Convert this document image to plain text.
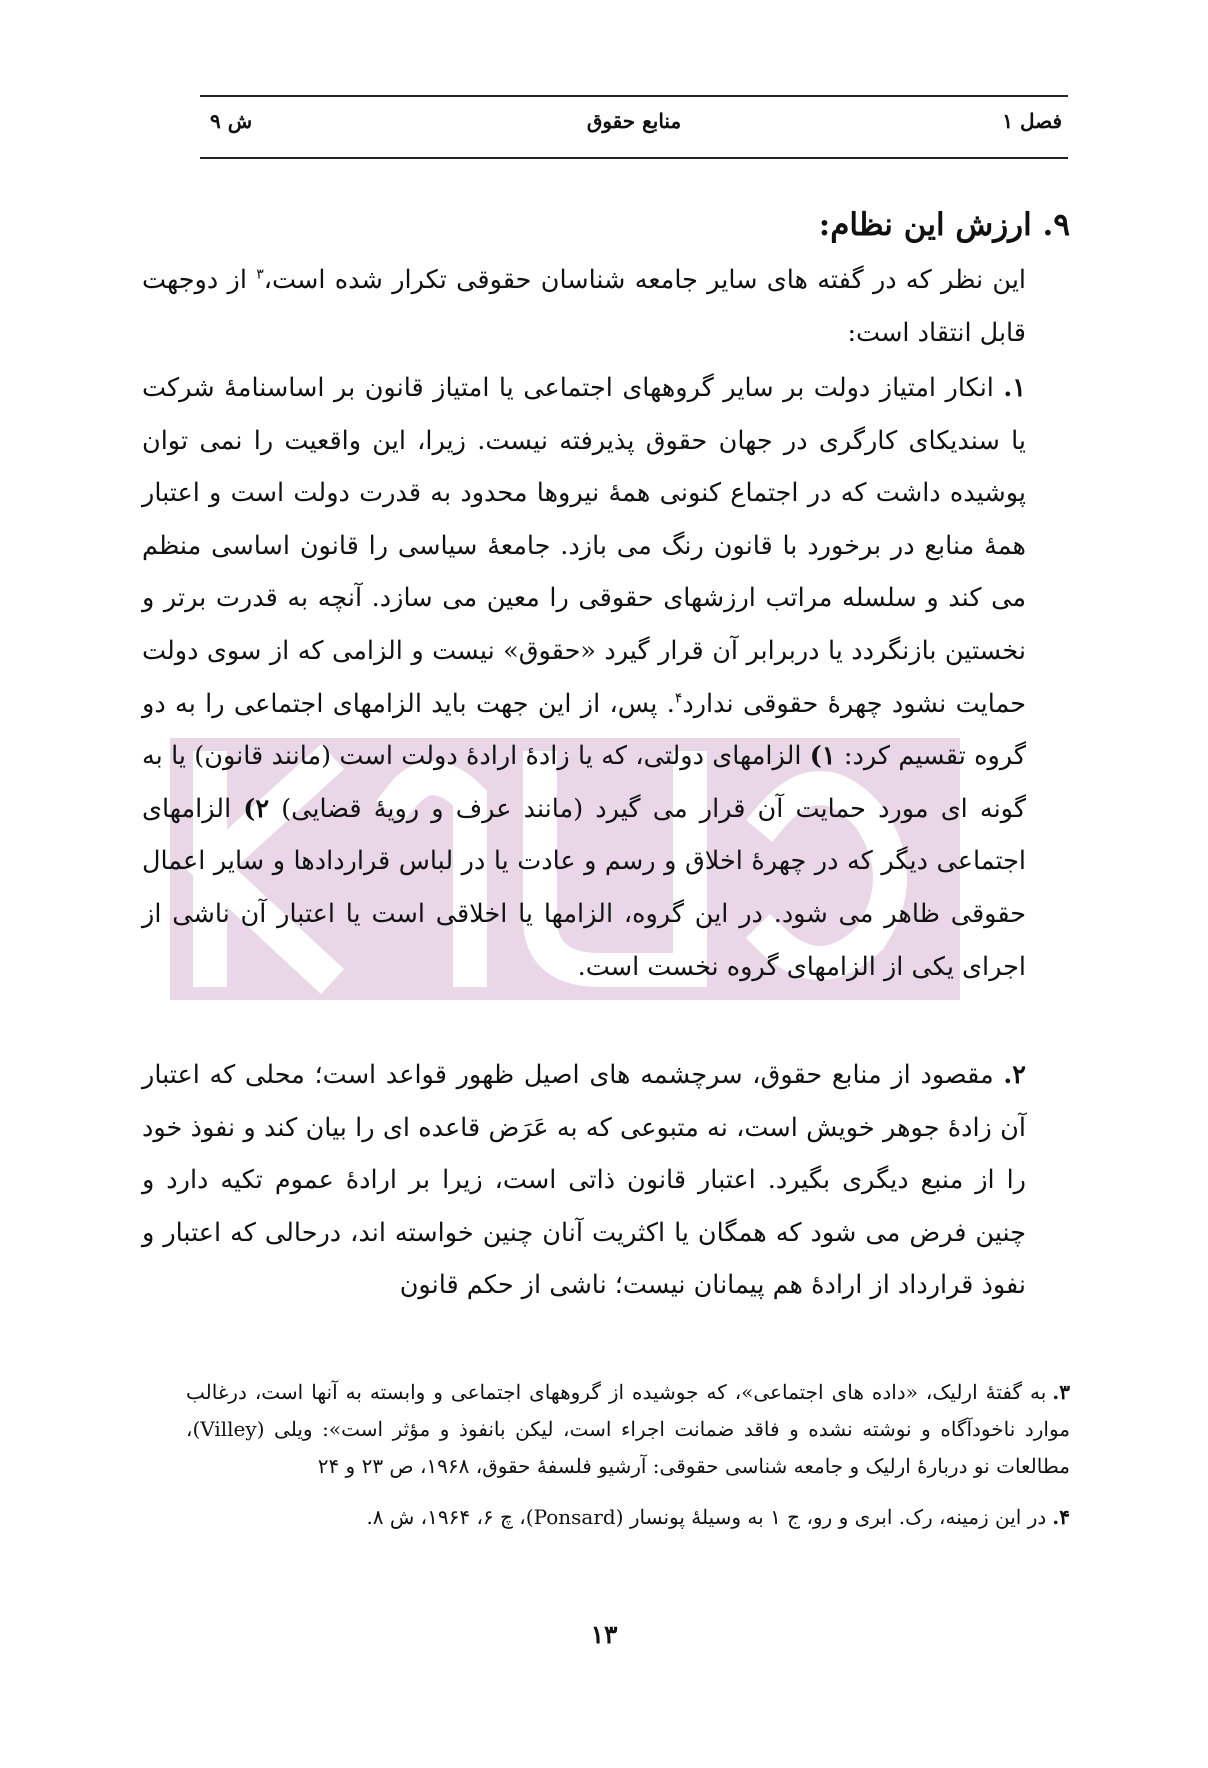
فصل ۱
منابع حقوق
ش ۹
۹. ارزش این نظام:

این نظر که در گفته های سایر جامعه شناسان حقوقی تکرار شده است،$^۳$ از دوجهت قابل انتقاد است:

۱. انکار امتیاز دولت بر سایر گروههای اجتماعی یا امتیاز قانون بر اساسنامهٔ شرکت یا سندیکای کارگری در جهان حقوق پذیرفته نیست. زیرا، این واقعیت را نمی توان پوشیده داشت که در اجتماع کنونی همهٔ نیروها محدود به قدرت دولت است و اعتبار همهٔ منابع در برخورد با قانون رنگ می بازد. جامعهٔ سیاسی را قانون اساسی منظم می کند و سلسله مراتب ارزشهای حقوقی را معین می سازد. آنچه به قدرت برتر و نخستین بازنگردد یا دربرابر آن قرار گیرد «حقوق» نیست و الزامی که از سوی دولت حمایت نشود چهرهٔ حقوقی ندارد$^۴$. پس، از این جهت باید الزامهای اجتماعی را به دو گروه تقسیم کرد: ۱) الزامهای دولتی، که یا زادهٔ ارادهٔ دولت است (مانند قانون) یا به گونه ای مورد حمایت آن قرار می گیرد (مانند عرف و رویهٔ قضایی) ۲) الزامهای اجتماعی دیگر که در چهرهٔ اخلاق و رسم و عادت یا در لباس قراردادها و سایر اعمال حقوقی ظاهر می شود. در این گروه، الزامها یا اخلاقی است یا اعتبار آن ناشی از اجرای یکی از الزامهای گروه نخست است.

۲. مقصود از منابع حقوق، سرچشمه های اصیل ظهور قواعد است؛ محلی که اعتبار آن زادهٔ جوهر خویش است، نه متبوعی که به عَرَض قاعده ای را بیان کند و نفوذ خود را از منبع دیگری بگیرد. اعتبار قانون ذاتی است، زیرا بر ارادهٔ عموم تکیه دارد و چنین فرض می شود که همگان یا اکثریت آنان چنین خواسته اند، درحالی که اعتبار و نفوذ قرارداد از ارادهٔ هم پیمانان نیست؛ ناشی از حکم قانون

۳.به گفتهٔ ارلیک، «داده های اجتماعی»، که جوشیده از گروههای اجتماعی و وابسته به آنها است، درغالب موارد ناخودآگاه و نوشته نشده و فاقد ضمانت اجراء است، لیکن بانفوذ و مؤثر است»: ویلی (Villey)، مطالعات نو دربارهٔ ارلیک و جامعه شناسی حقوقی: آرشیو فلسفهٔ حقوق، ۱۹۶۸، ص ۲۳ و ۲۴

۴.در این زمینه، رک. ابری و رو، ج ۱ به وسیلهٔ پونسار (Ponsard)، چ ۶، ۱۹۶۴، ش ۸.

۱۳
